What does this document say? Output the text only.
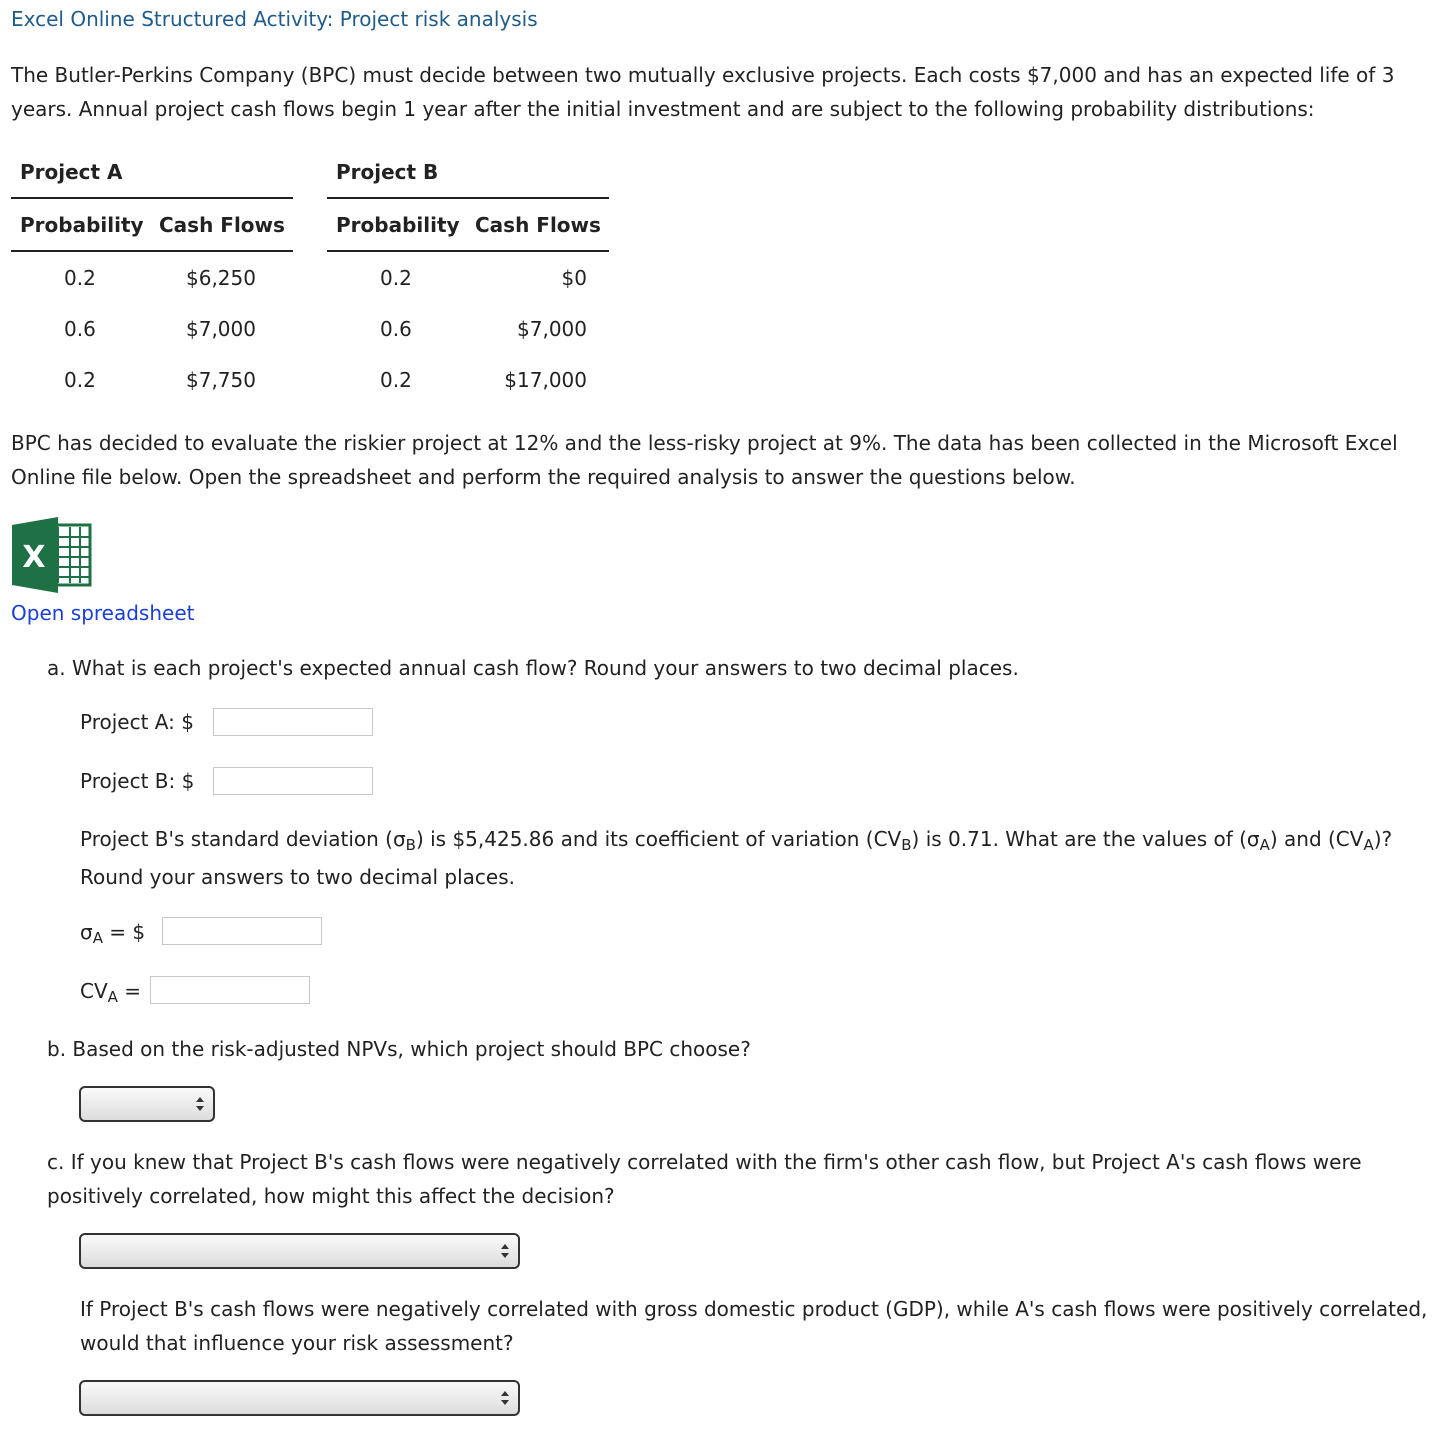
Excel Online Structured Activity: Project risk analysis
The Butler-Perkins Company (BPC) must decide between two mutually exclusive projects. Each costs $7,000 and has an expected life of 3 years. Annual project cash flows begin 1 year after the initial investment and are subject to the following probability distributions:
Project A
Probability Cash Flows
0.2	$6,250
0.6	$7,000
0.2	$7,750
Project B
Probability Cash Flows
0.2	$0
0.6	$7,000
0.2	$17,000
BPC has decided to evaluate the riskier project at 12% and the less-risky project at 9%. The data has been collected in the Microsoft Excel Online file below. Open the spreadsheet and perform the required analysis to answer the questions below.
X
Open spreadsheet
a. What is each project's expected annual cash flow? Round your answers to two decimal places.
Project A: $
Project B: $
Project B's standard deviation $(\sigma_B)$ is $5,425.86 and its coefficient of variation $(CV_B)$ is 0.71. What are the values of $(\sigma_A)$ and $(CV_A)$?
Round your answers to two decimal places.
$\sigma_A$ = $
$CV_A$ =
b. Based on the risk-adjusted NPVs, which project should BPC choose?
c. If you knew that Project B's cash flows were negatively correlated with the firm's other cash flow, but Project A's cash flows were positively correlated, how might this affect the decision?
If Project B's cash flows were negatively correlated with gross domestic product (GDP), while A's cash flows were positively correlated, would that influence your risk assessment?
